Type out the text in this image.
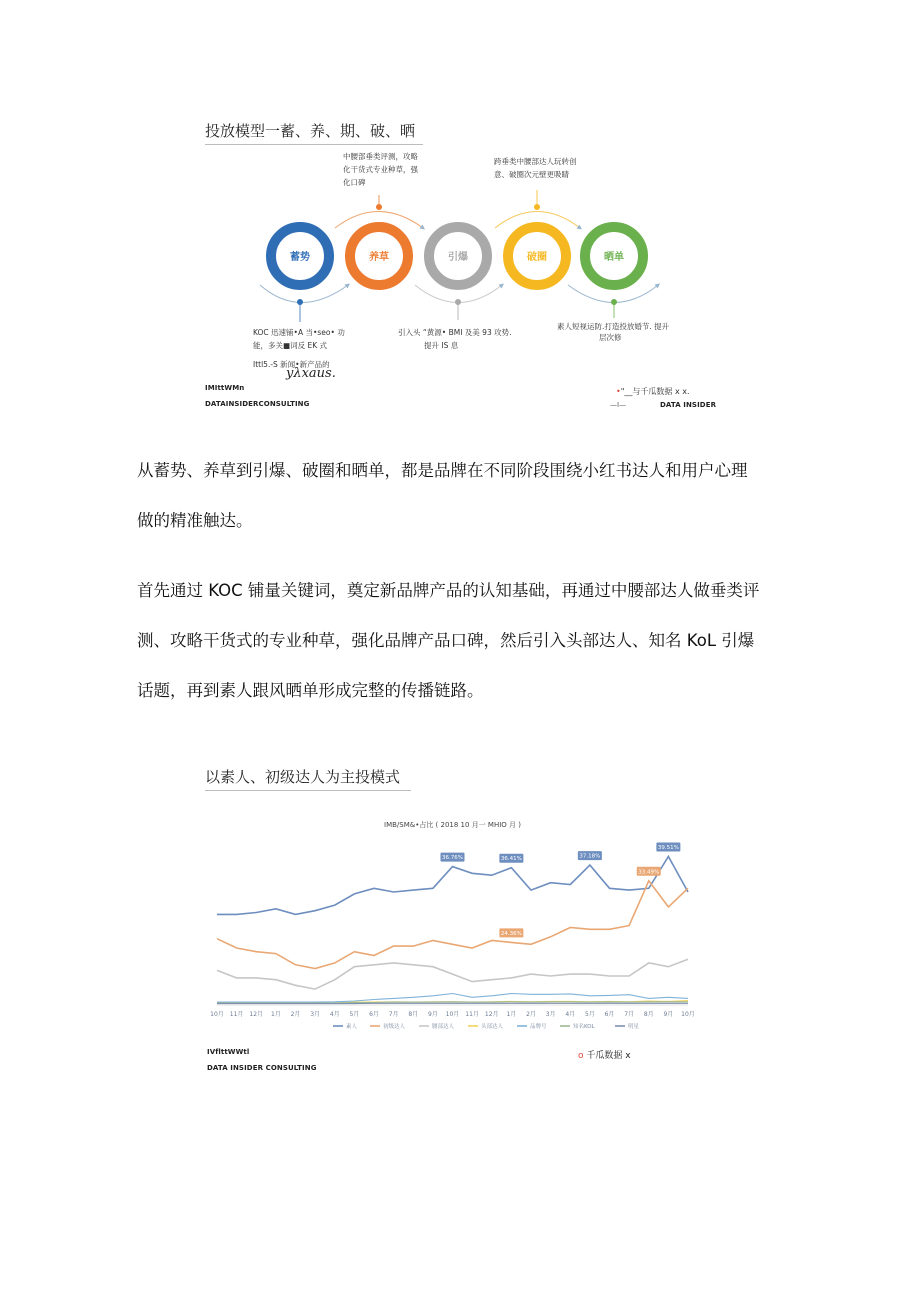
投放模型一蓄、养、期、破、晒
中腰部垂类评测，攻略
化干货式专业种草，强
化口碑
跨垂类中腰部达人玩转创
意、破圈次元壁更吸睛
蓄势	养草	引爆	破圈	晒单
KOC 迅速铺•A 当•seo• 功
能，多关■词反 EK 式
Ittl5.-S 新闻•新产品的
yλxaus.
引入头 “黄源• BMI 及美 93 攻势.
提升 IS 息
素人短视运防.打造投放婚节. 提升
层次修
IMIttWMn
DATAINSIDERCONSULTING
•"__与千瓜数据 x x.
—I—	DATA INSIDER
从蓄势、养草到引爆、破圈和晒单，都是品牌在不同阶段围绕小红书达人和用户心理
做的精准触达。
首先通过 KOC 铺量关键词，奠定新品牌产品的认知基础，再通过中腰部达人做垂类评
测、攻略干货式的专业种草，强化品牌产品口碑，然后引入头部达人、知名 KoL 引爆
话题，再到素人跟风晒单形成完整的传播链路。
以素人、初级达人为主投模式
IMB/SM&•占比 ( 2018 10 月一 MHIO 月 )
10月 11月 12月 1月 2月 3月 4月 5月 6月 7月 8月 9月 10月 11月 12月 1月 2月 3月 4月 5月 6月 7月 8月 9月 10月
36.76%	36.41%	37.18%
39.51%
24.36%
33.49%
素人	初级达人	腰部达人	头部达人	品牌号	知名KOL	明星
IVflttWWtl
DATA INSIDER CONSULTING
o 千瓜数据 x
